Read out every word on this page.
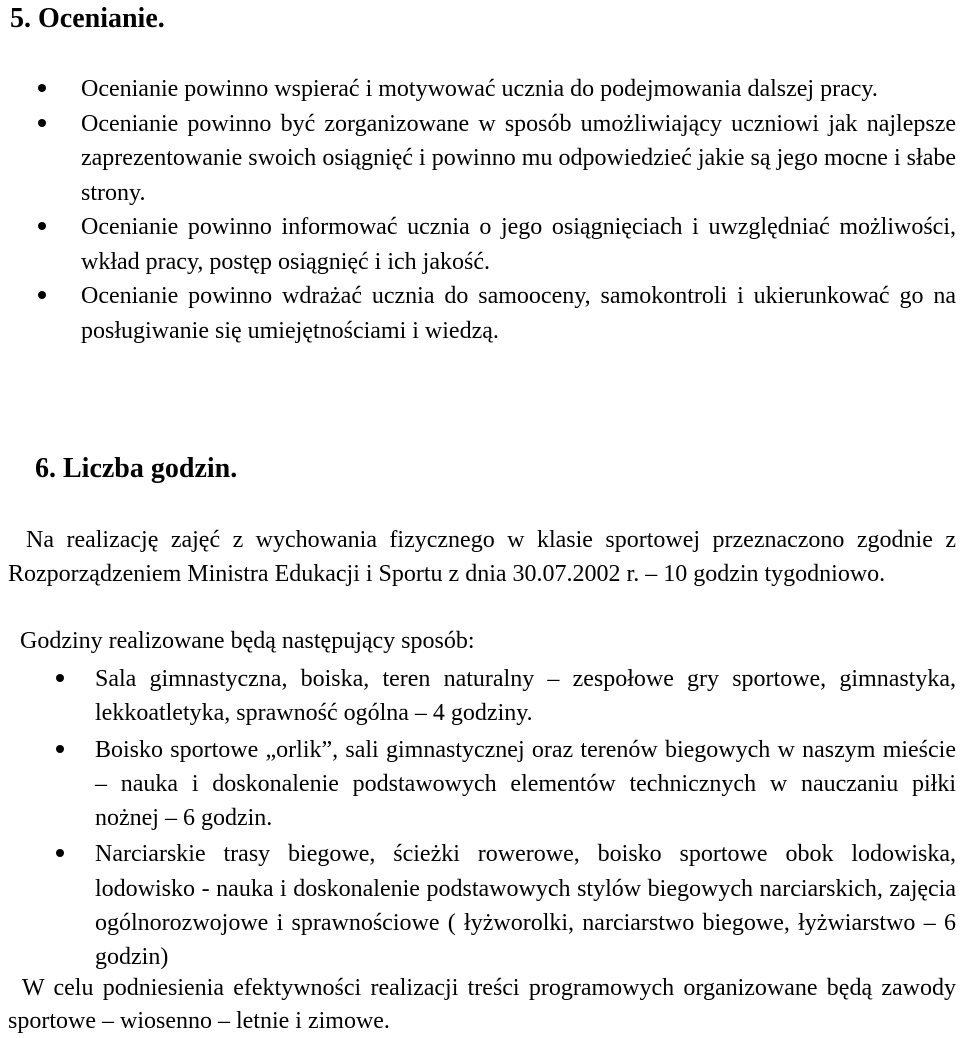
5. Ocenianie.
Ocenianie powinno wspierać i motywować ucznia do podejmowania dalszej pracy.
Ocenianie powinno być zorganizowane w sposób umożliwiający uczniowi jak najlepsze zaprezentowanie swoich osiągnięć i powinno mu odpowiedzieć jakie są jego mocne i słabe strony.
Ocenianie powinno informować ucznia o jego osiągnięciach i uwzględniać możliwości, wkład pracy, postęp osiągnięć i ich jakość.
Ocenianie powinno wdrażać ucznia do samooceny, samokontroli i ukierunkować go na posługiwanie się umiejętnościami i wiedzą.
6. Liczba godzin.
Na realizację zajęć z wychowania fizycznego w klasie sportowej przeznaczono zgodnie z Rozporządzeniem Ministra Edukacji i Sportu z dnia 30.07.2002 r. – 10 godzin tygodniowo.
Godziny realizowane będą następujący sposób:
Sala gimnastyczna, boiska, teren naturalny – zespołowe gry sportowe, gimnastyka, lekkoatletyka, sprawność ogólna – 4 godziny.
Boisko sportowe „orlik”, sali gimnastycznej oraz terenów biegowych w naszym mieście – nauka i doskonalenie podstawowych elementów technicznych w nauczaniu piłki nożnej – 6 godzin.
Narciarskie trasy biegowe, ścieżki rowerowe, boisko sportowe obok lodowiska, lodowisko - nauka i doskonalenie podstawowych stylów biegowych narciarskich, zajęcia ogólnorozwojowe i sprawnościowe ( łyżworolki, narciarstwo biegowe, łyżwiarstwo – 6 godzin)
W celu podniesienia efektywności realizacji treści programowych organizowane będą zawody sportowe – wiosenno – letnie i zimowe.
